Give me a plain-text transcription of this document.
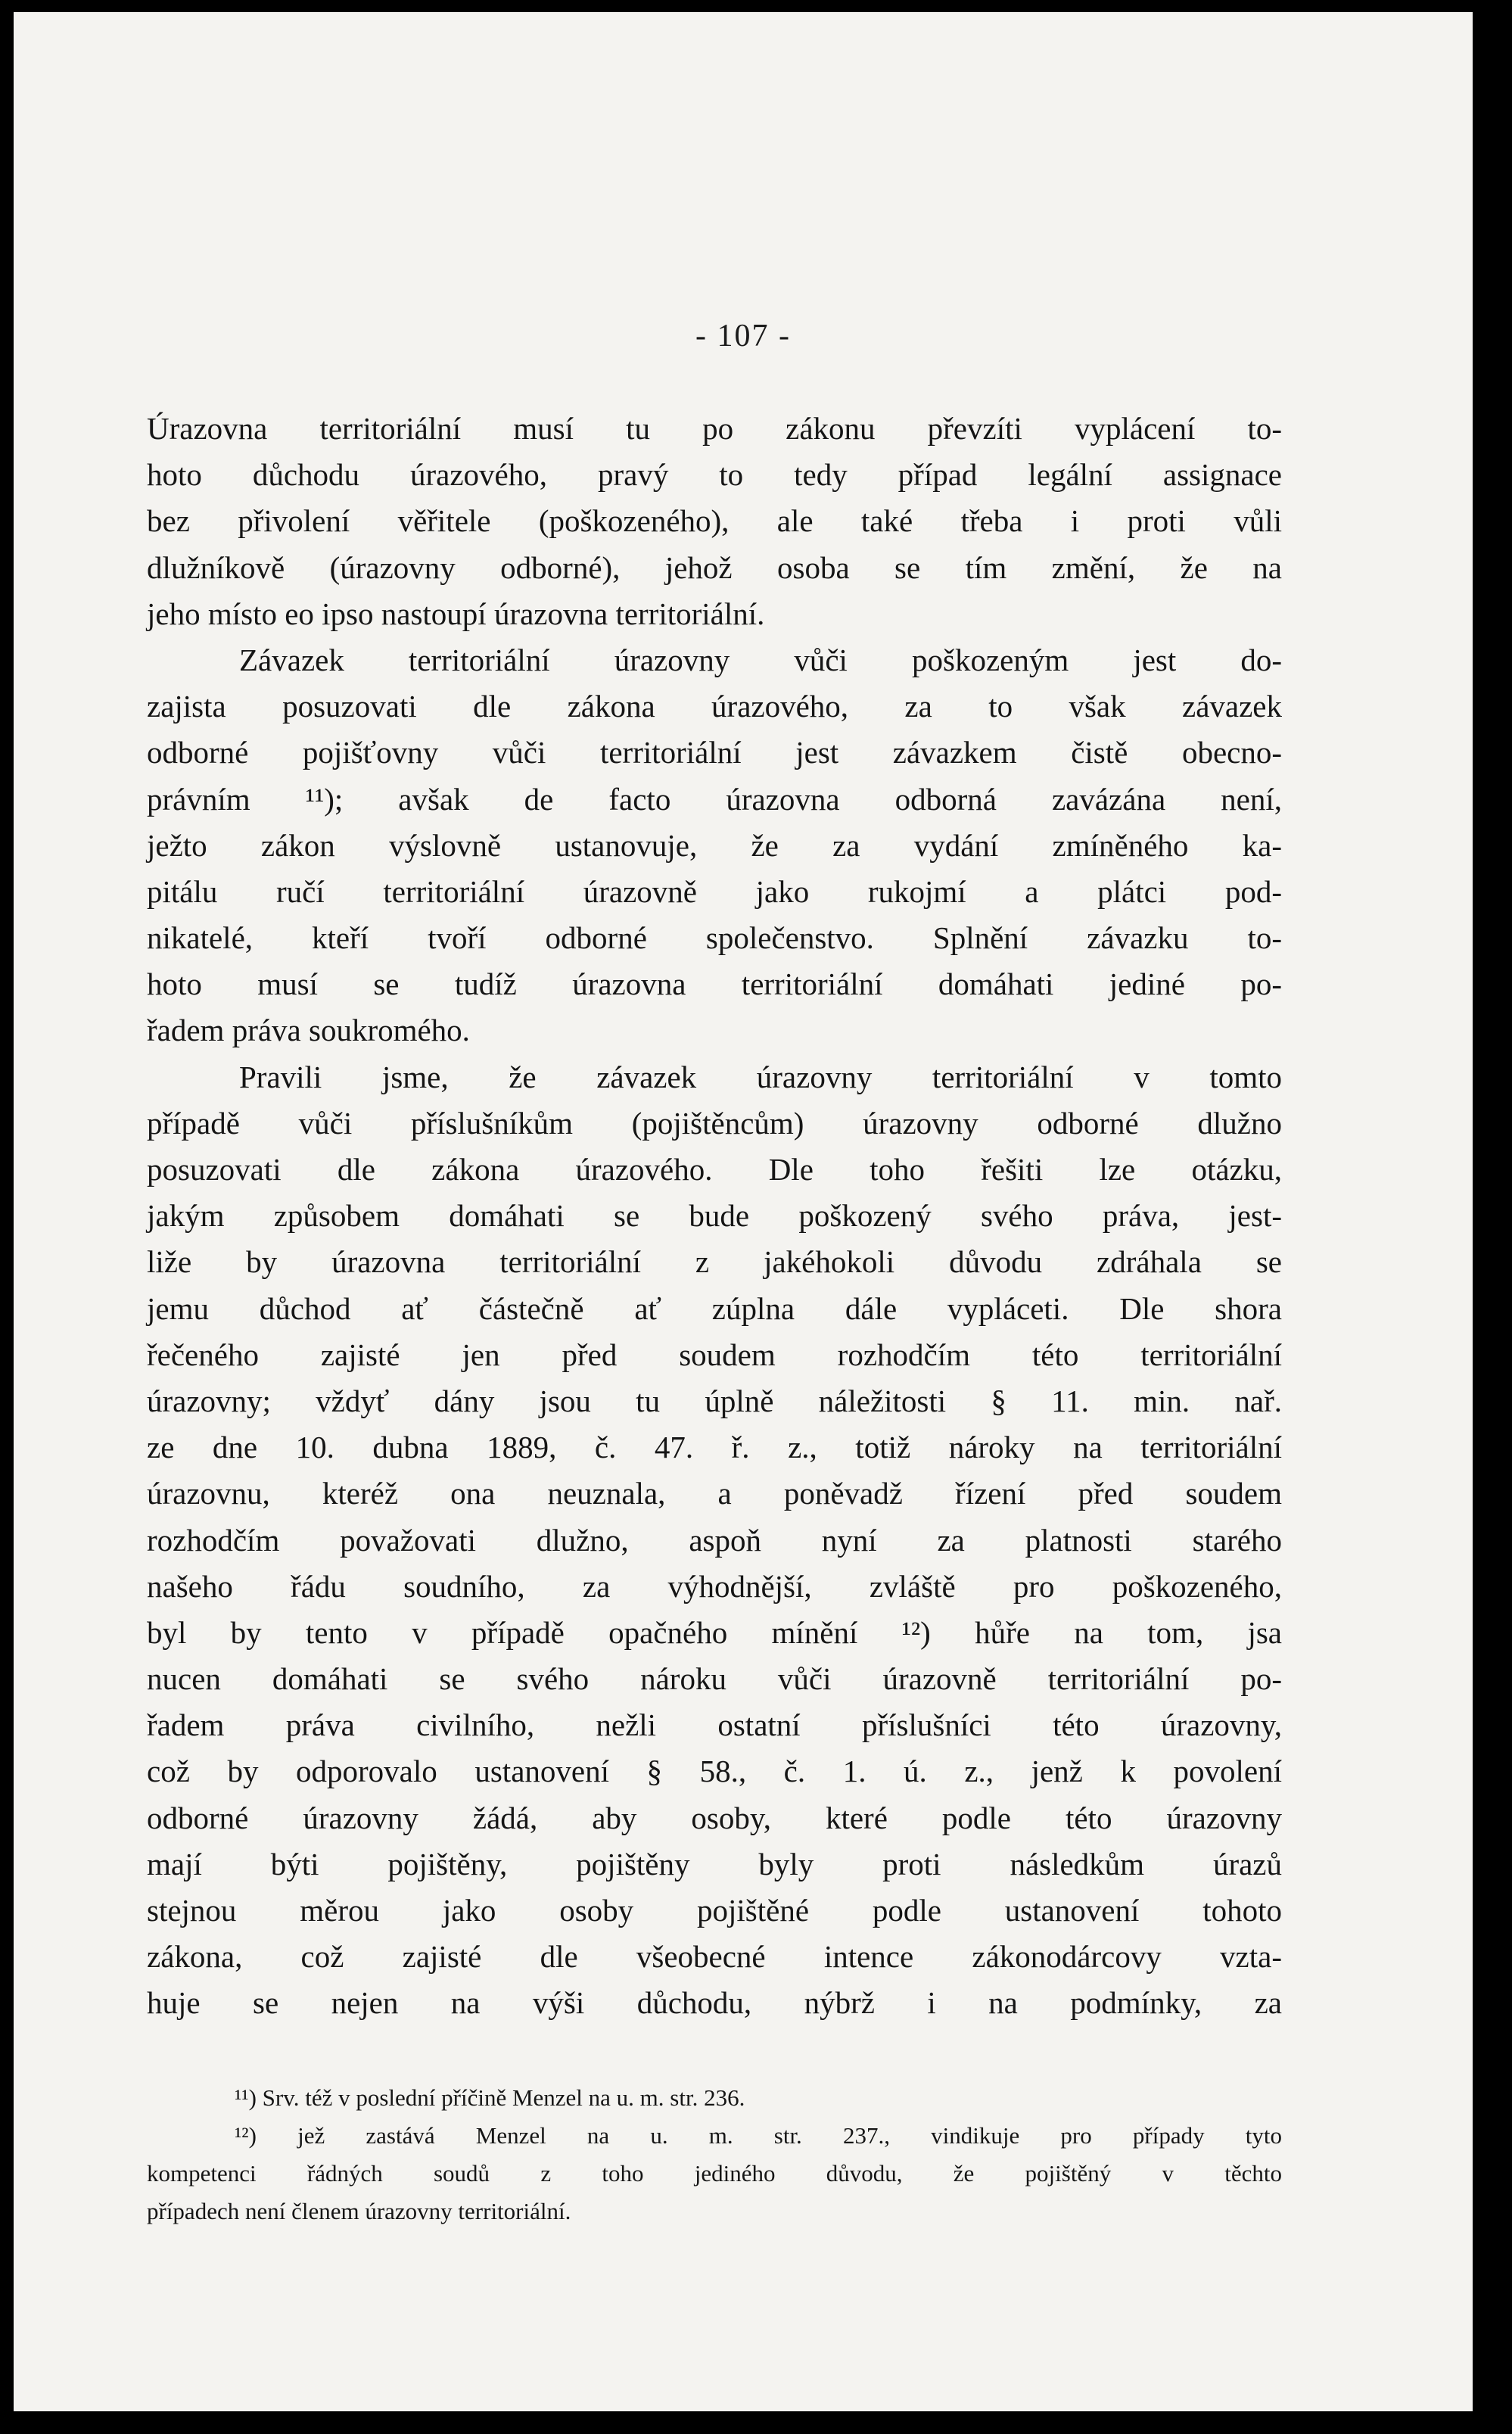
- 107 -
Úrazovna territoriální musí tu po zákonu převzíti vyplácení to-
hoto důchodu úrazového, pravý to tedy případ legální assignace
bez přivolení věřitele (poškozeného), ale také třeba i proti vůli
dlužníkově (úrazovny odborné), jehož osoba se tím změní, že na
jeho místo eo ipso nastoupí úrazovna territoriální.
Závazek territoriální úrazovny vůči poškozeným jest do-
zajista posuzovati dle zákona úrazového, za to však závazek
odborné pojišťovny vůči territoriální jest závazkem čistě obecno-
právním ¹¹); avšak de facto úrazovna odborná zavázána není,
ježto zákon výslovně ustanovuje, že za vydání zmíněného ka-
pitálu ručí territoriální úrazovně jako rukojmí a plátci pod-
nikatelé, kteří tvoří odborné společenstvo. Splnění závazku to-
hoto musí se tudíž úrazovna territoriální domáhati jediné po-
řadem práva soukromého.
Pravili jsme, že závazek úrazovny territoriální v tomto
případě vůči příslušníkům (pojištěncům) úrazovny odborné dlužno
posuzovati dle zákona úrazového. Dle toho řešiti lze otázku,
jakým způsobem domáhati se bude poškozený svého práva, jest-
liže by úrazovna territoriální z jakéhokoli důvodu zdráhala se
jemu důchod ať částečně ať zúplna dále vypláceti. Dle shora
řečeného zajisté jen před soudem rozhodčím této territoriální
úrazovny; vždyť dány jsou tu úplně náležitosti § 11. min. nař.
ze dne 10. dubna 1889, č. 47. ř. z., totiž nároky na territoriální
úrazovnu, kteréž ona neuznala, a poněvadž řízení před soudem
rozhodčím považovati dlužno, aspoň nyní za platnosti starého
našeho řádu soudního, za výhodnější, zvláště pro poškozeného,
byl by tento v případě opačného mínění ¹²) hůře na tom, jsa
nucen domáhati se svého nároku vůči úrazovně territoriální po-
řadem práva civilního, nežli ostatní příslušníci této úrazovny,
což by odporovalo ustanovení § 58., č. 1. ú. z., jenž k povolení
odborné úrazovny žádá, aby osoby, které podle této úrazovny
mají býti pojištěny, pojištěny byly proti následkům úrazů
stejnou měrou jako osoby pojištěné podle ustanovení tohoto
zákona, což zajisté dle všeobecné intence zákonodárcovy vzta-
huje se nejen na výši důchodu, nýbrž i na podmínky, za
¹¹) Srv. též v poslední příčině Menzel na u. m. str. 236.
¹²) jež zastává Menzel na u. m. str. 237., vindikuje pro případy tyto
kompetenci řádných soudů z toho jediného důvodu, že pojištěný v těchto
případech není členem úrazovny territoriální.
